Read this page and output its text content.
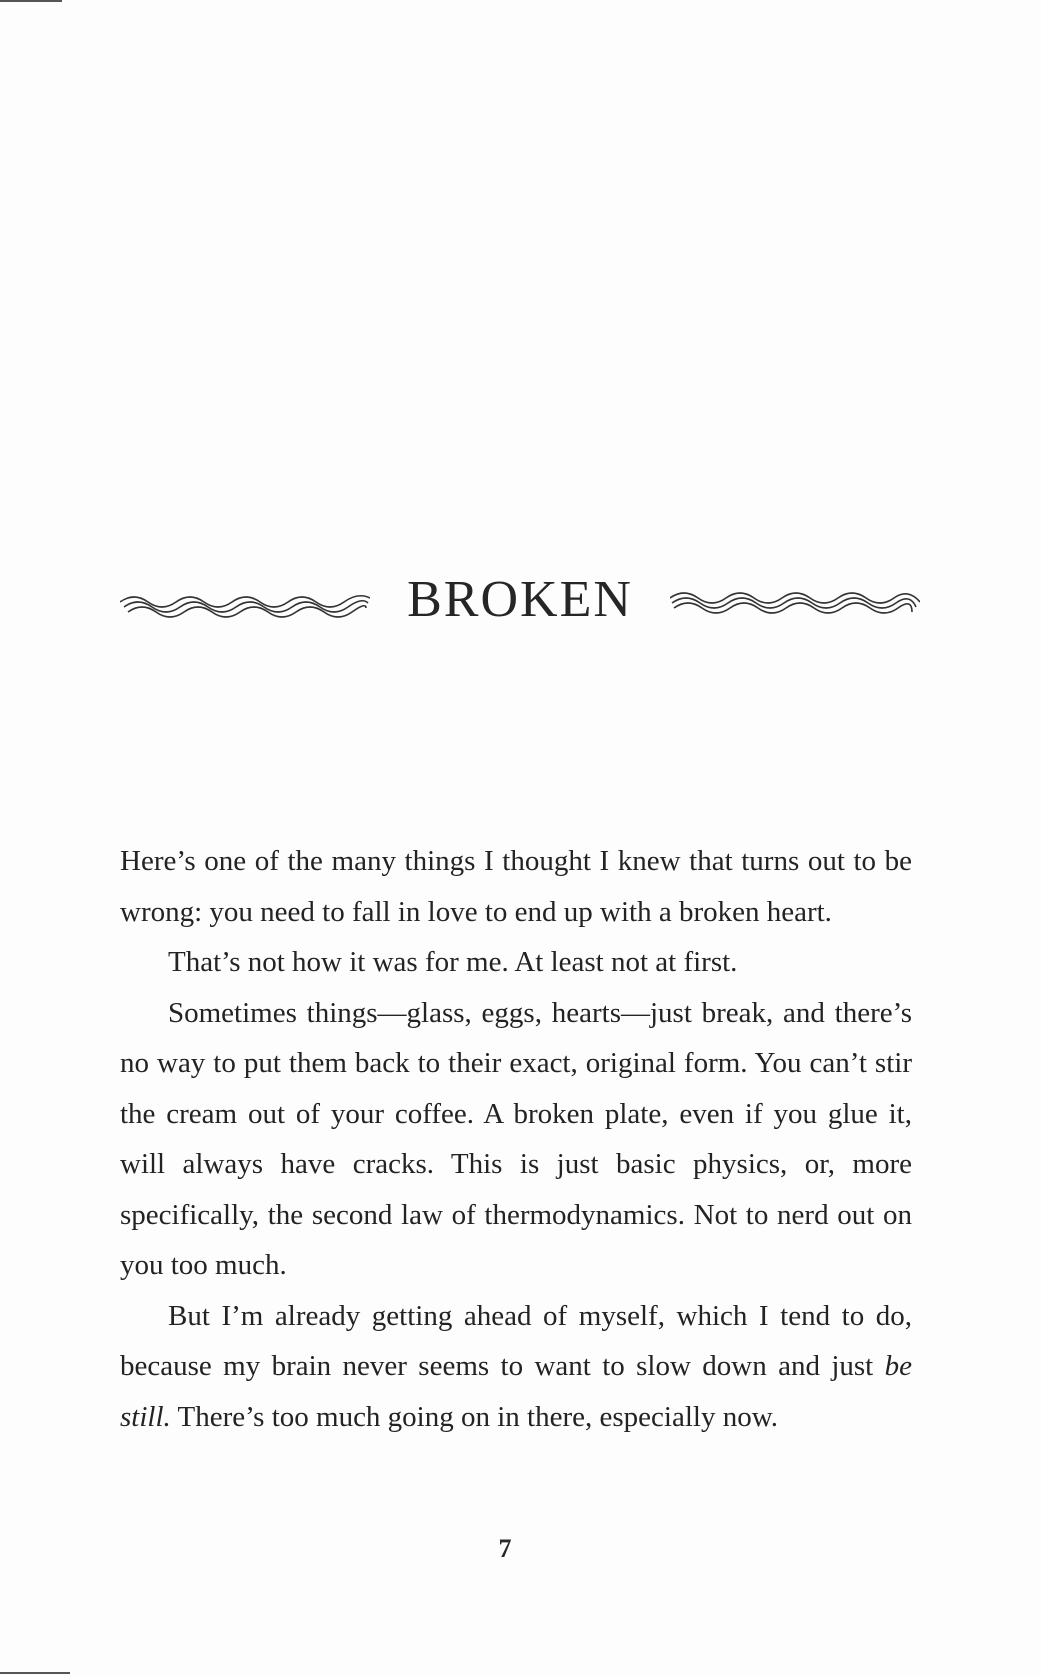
BROKEN

Here’s one of the many things I thought I knew that turns out to be wrong: you need to fall in love to end up with a broken heart.

That’s not how it was for me. At least not at first.

Sometimes things—glass, eggs, hearts—just break, and there’s no way to put them back to their exact, original form. You can’t stir the cream out of your coffee. A broken plate, even if you glue it, will always have cracks. This is just basic physics, or, more specifically, the second law of thermodynamics. Not to nerd out on you too much.

But I’m already getting ahead of myself, which I tend to do, because my brain never seems to want to slow down and just be still. There’s too much going on in there, especially now.

7
